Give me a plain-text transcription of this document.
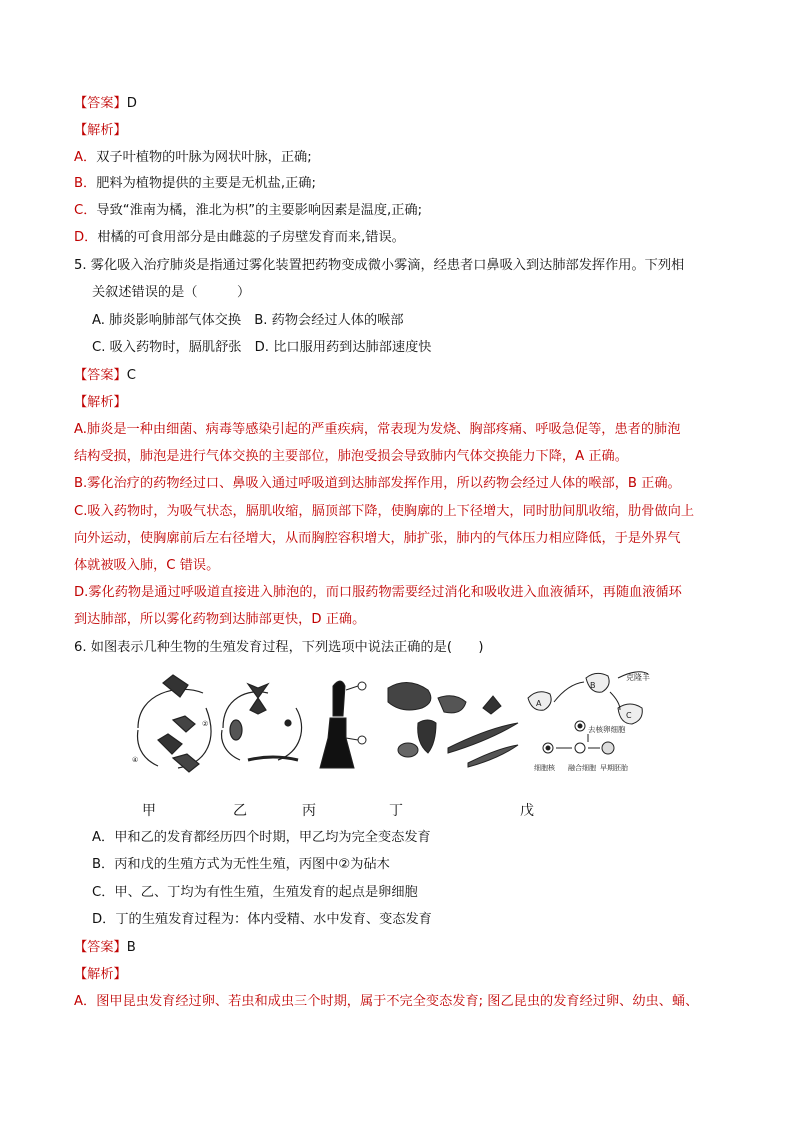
【答案】D
【解析】
A．双子叶植物的叶脉为网状叶脉，正确;
B．肥料为植物提供的主要是无机盐,正确;
C．导致“淮南为橘，淮北为枳”的主要影响因素是温度,正确;
D．柑橘的可食用部分是由雌蕊的子房壁发育而来,错误。
5. 雾化吸入治疗肺炎是指通过雾化装置把药物变成微小雾滴，经患者口鼻吸入到达肺部发挥作用。下列相
关叙述错误的是（　　　）
A. 肺炎影响肺部气体交换　B. 药物会经过人体的喉部
C. 吸入药物时，膈肌舒张　D. 比口服用药到达肺部速度快
【答案】C
【解析】
A.肺炎是一种由细菌、病毒等感染引起的严重疾病，常表现为发烧、胸部疼痛、呼吸急促等，患者的肺泡
结构受损，肺泡是进行气体交换的主要部位，肺泡受损会导致肺内气体交换能力下降，A 正确。
B.雾化治疗的药物经过口、鼻吸入通过呼吸道到达肺部发挥作用，所以药物会经过人体的喉部，B 正确。
C.吸入药物时，为吸气状态，膈肌收缩，膈顶部下降，使胸廓的上下径增大，同时肋间肌收缩，肋骨做向上
向外运动，使胸廓前后左右径增大，从而胸腔容积增大，肺扩张，肺内的气体压力相应降低，于是外界气
体就被吸入肺，C 错误。
D.雾化药物是通过呼吸道直接进入肺泡的，而口服药物需要经过消化和吸收进入血液循环，再随血液循环
到达肺部，所以雾化药物到达肺部更快，D 正确。
6. 如图表示几种生物的生殖发育过程，下列选项中说法正确的是(　　)
④
②
A
B
C
克隆羊
去核卵细胞
细胞核 融合细胞 早期胚胎
甲	乙	丙	丁	戊
A．甲和乙的发育都经历四个时期，甲乙均为完全变态发育
B．丙和戊的生殖方式为无性生殖，丙图中②为砧木
C．甲、乙、丁均为有性生殖，生殖发育的起点是卵细胞
D．丁的生殖发育过程为：体内受精、水中发育、变态发育
【答案】B
【解析】
A．图甲昆虫发育经过卵、若虫和成虫三个时期，属于不完全变态发育; 图乙昆虫的发育经过卵、幼虫、蛹、
